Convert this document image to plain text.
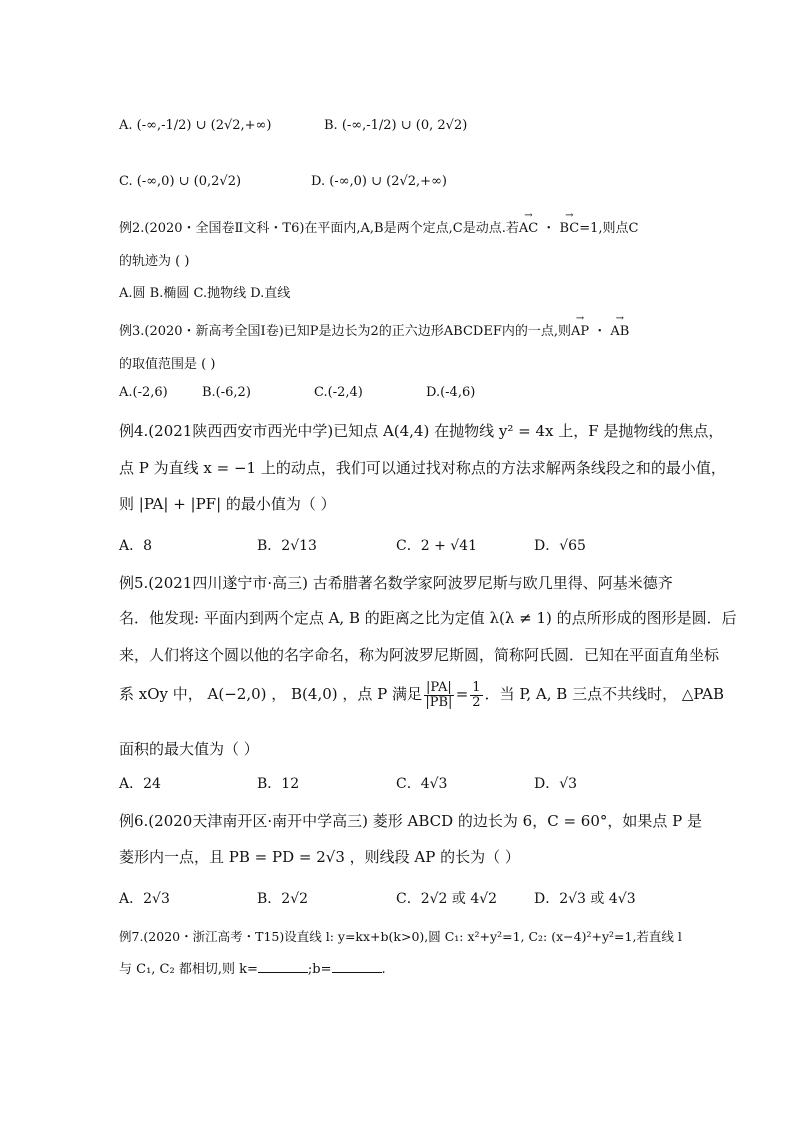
A. (-∞,-1/2) ∪ (2√2,+∞)	B. (-∞,-1/2) ∪ (0, 2√2)
C. (-∞,0) ∪ (0,2√2)	D. (-∞,0) ∪ (2√2,+∞)
例2.(2020・全国卷Ⅱ文科・T6)在平面内,A,B是两个定点,C是动点.若→ AC ・ → BC=1,则点C
的轨迹为 ( )
A.圆 B.椭圆 C.抛物线 D.直线
例3.(2020・新高考全国Ⅰ卷)已知P是边长为2的正六边形ABCDEF内的一点,则→ AP ・ → AB
的取值范围是 ( )
A.(-2,6)	B.(-6,2)	C.(-2,4)	D.(-4,6)
例4.(2021陕西西安市西光中学)已知点 A(4,4) 在抛物线 y² = 4x 上，F 是抛物线的焦点，
点 P 为直线 x = −1 上的动点，我们可以通过找对称点的方法求解两条线段之和的最小值，
则 |PA| + |PF| 的最小值为（ ）
A．8	B．2√13	C．2 + √41	D．√65
例5.(2021四川遂宁市·高三) 古希腊著名数学家阿波罗尼斯与欧几里得、阿基米德齐
名．他发现: 平面内到两个定点 A, B 的距离之比为定值 λ(λ ≠ 1) 的点所形成的图形是圆．后
来，人们将这个圆以他的名字命名，称为阿波罗尼斯圆，简称阿氏圆．已知在平面直角坐标
系 xOy 中， A(−2,0) ， B(4,0) ，点 P 满足 $\frac{|PA|}{|PB|} = \frac{1}{2}$ ．当 P, A, B 三点不共线时， △PAB
面积的最大值为（ ）
A．24	B．12	C．4√3	D．√3
例6.(2020天津南开区·南开中学高三) 菱形 ABCD 的边长为 6，C = 60°，如果点 P 是
菱形内一点，且 PB = PD = 2√3 ，则线段 AP 的长为（ ）
A．2√3	B．2√2	C．2√2 或 4√2	D．2√3 或 4√3
例7.(2020・浙江高考・T15)设直线 l: y=kx+b(k>0),圆 C₁: x²+y²=1, C₂: (x−4)²+y²=1,若直线 l
与 C₁, C₂ 都相切,则 k=	;b=	.
